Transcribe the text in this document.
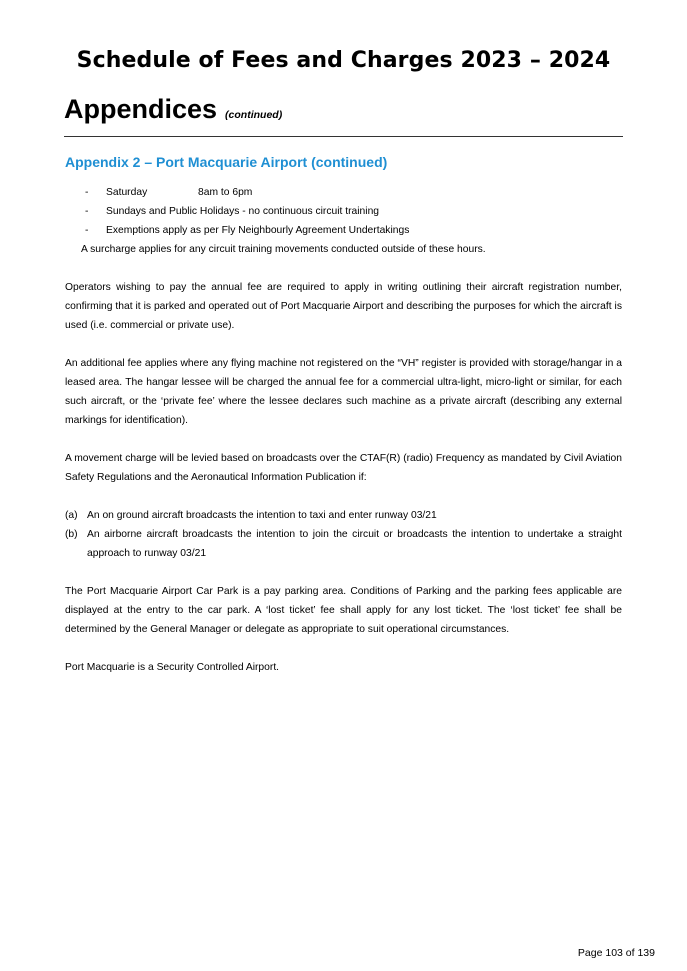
Schedule of Fees and Charges 2023 – 2024
Appendices (continued)
Appendix 2 – Port Macquarie Airport (continued)
- Saturday	8am to 6pm
- Sundays and Public Holidays - no continuous circuit training
- Exemptions apply as per Fly Neighbourly Agreement Undertakings

A surcharge applies for any circuit training movements conducted outside of these hours.

Operators wishing to pay the annual fee are required to apply in writing outlining their aircraft registration number, confirming that it is parked and operated out of Port Macquarie Airport and describing the purposes for which the aircraft is used (i.e. commercial or private use).

An additional fee applies where any flying machine not registered on the “VH” register is provided with storage/hangar in a leased area. The hangar lessee will be charged the annual fee for a commercial ultra-light, micro-light or similar, for each such aircraft, or the ‘private fee’ where the lessee declares such machine as a private aircraft (describing any external markings for identification).

A movement charge will be levied based on broadcasts over the CTAF(R) (radio) Frequency as mandated by Civil Aviation Safety Regulations and the Aeronautical Information Publication if:

(a) An on ground aircraft broadcasts the intention to taxi and enter runway 03/21
(b) An airborne aircraft broadcasts the intention to join the circuit or broadcasts the intention to undertake a straight approach to runway 03/21

The Port Macquarie Airport Car Park is a pay parking area. Conditions of Parking and the parking fees applicable are displayed at the entry to the car park. A ‘lost ticket’ fee shall apply for any lost ticket. The ‘lost ticket’ fee shall be determined by the General Manager or delegate as appropriate to suit operational circumstances.

Port Macquarie is a Security Controlled Airport.

Page 103 of 139
